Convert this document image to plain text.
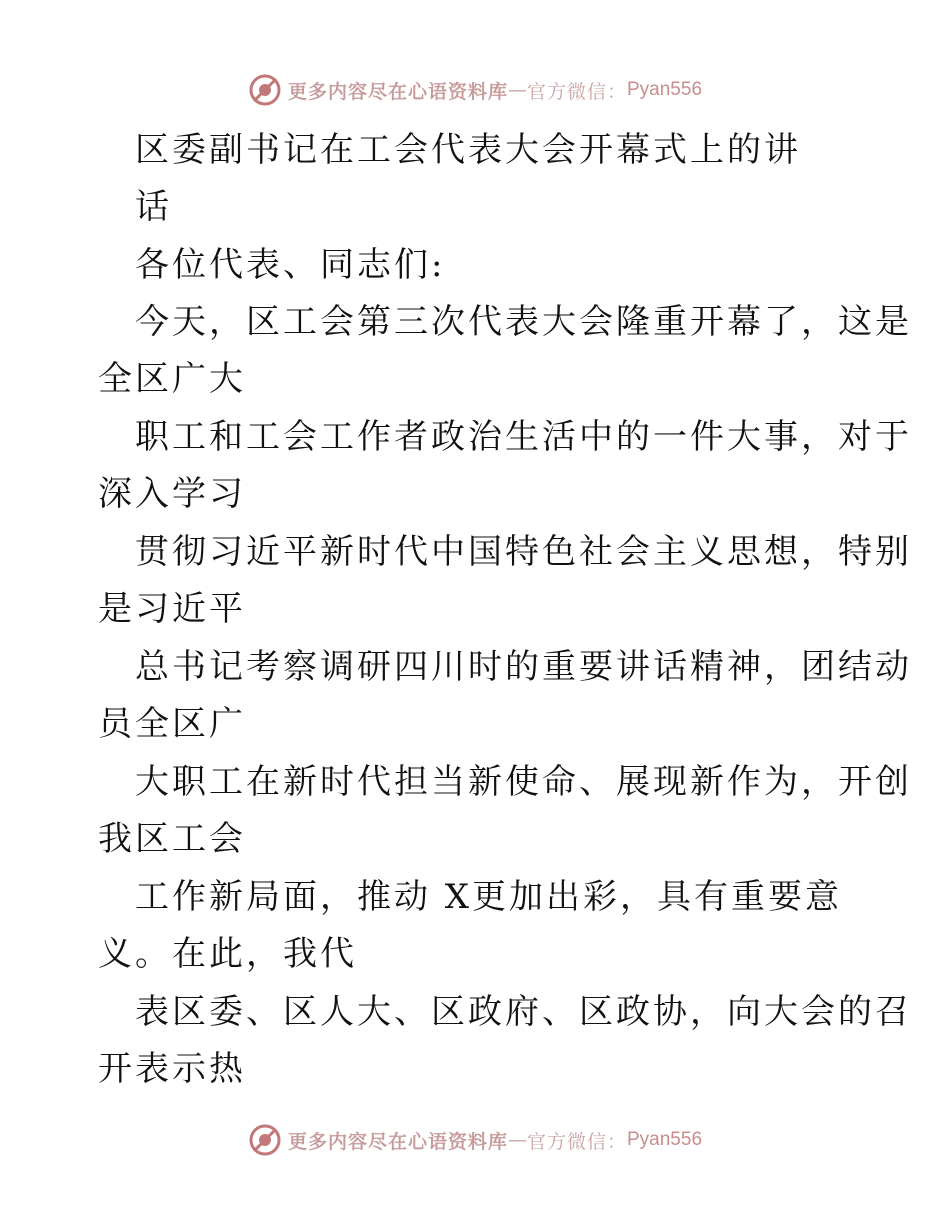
更多内容尽在心语资料库 — 官方微信： Pyan556
区委副书记在工会代表大会开幕式上的讲
话
各位代表、同志们:
今天，区工会第三次代表大会隆重开幕了，这是
全区广大
职工和工会工作者政治生活中的一件大事，对于
深入学习
贯彻习近平新时代中国特色社会主义思想，特别
是习近平
总书记考察调研四川时的重要讲话精神，团结动
员全区广
大职工在新时代担当新使命、展现新作为，开创
我区工会
工作新局面，推动 X更加出彩，具有重要意
义。在此，我代
表区委、区人大、区政府、区政协，向大会的召
开表示热
更多内容尽在心语资料库 — 官方微信： Pyan556
